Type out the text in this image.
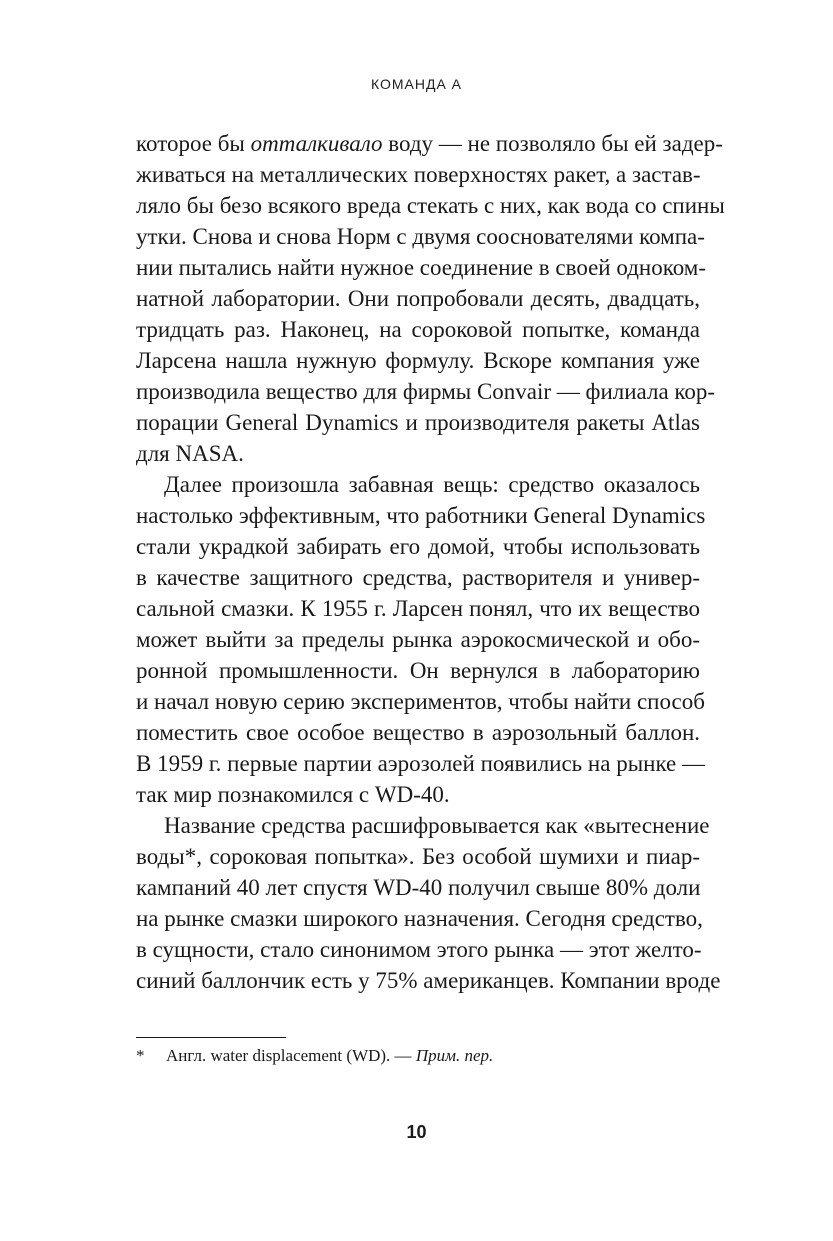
КОМАНДА А
которое бы отталкивало воду — не позволяло бы ей задер-
живаться на металлических поверхностях ракет, а застав-
ляло бы безо всякого вреда стекать с них, как вода со спины
утки. Снова и снова Норм с двумя сооснователями компа-
нии пытались найти нужное соединение в своей одноком-
натной лаборатории. Они попробовали десять, двадцать,
тридцать раз. Наконец, на сороковой попытке, команда
Ларсена нашла нужную формулу. Вскоре компания уже
производила вещество для фирмы Convair — филиала кор-
порации General Dynamics и производителя ракеты Atlas
для NASA.
Далее произошла забавная вещь: средство оказалось
настолько эффективным, что работники General Dynamics
стали украдкой забирать его домой, чтобы использовать
в качестве защитного средства, растворителя и универ-
сальной смазки. К 1955 г. Ларсен понял, что их вещество
может выйти за пределы рынка аэрокосмической и обо-
ронной промышленности. Он вернулся в лабораторию
и начал новую серию экспериментов, чтобы найти способ
поместить свое особое вещество в аэрозольный баллон.
В 1959 г. первые партии аэрозолей появились на рынке —
так мир познакомился с WD-40.
Название средства расшифровывается как «вытеснение
воды*, сороковая попытка». Без особой шумихи и пиар-
кампаний 40 лет спустя WD-40 получил свыше 80% доли
на рынке смазки широкого назначения. Сегодня средство,
в сущности, стало синонимом этого рынка — этот желто-
синий баллончик есть у 75% американцев. Компании вроде
* Англ. water displacement (WD). — Прим. пер.
10
